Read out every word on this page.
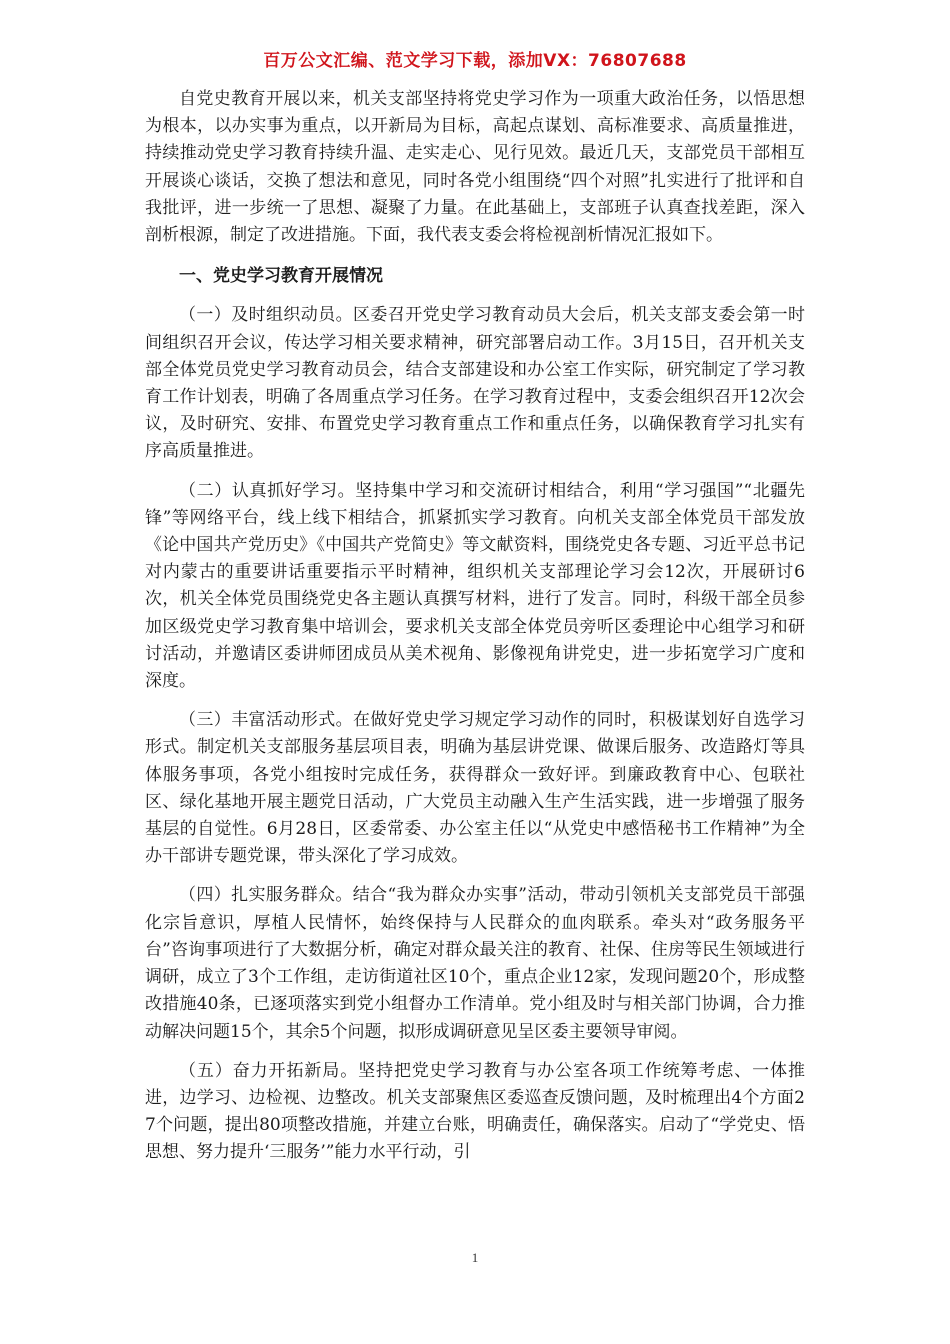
百万公文汇编、范文学习下载，添加VX：76807688

自党史教育开展以来，机关支部坚持将党史学习作为一项重大政治任务，以悟思想为根本，以办实事为重点，以开新局为目标，高起点谋划、高标准要求、高质量推进，持续推动党史学习教育持续升温、走实走心、见行见效。最近几天，支部党员干部相互开展谈心谈话，交换了想法和意见，同时各党小组围绕“四个对照”扎实进行了批评和自我批评，进一步统一了思想、凝聚了力量。在此基础上，支部班子认真查找差距，深入剖析根源，制定了改进措施。下面，我代表支委会将检视剖析情况汇报如下。

一、党史学习教育开展情况

（一）及时组织动员。区委召开党史学习教育动员大会后，机关支部支委会第一时间组织召开会议，传达学习相关要求精神，研究部署启动工作。3月15日，召开机关支部全体党员党史学习教育动员会，结合支部建设和办公室工作实际，研究制定了学习教育工作计划表，明确了各周重点学习任务。在学习教育过程中，支委会组织召开12次会议，及时研究、安排、布置党史学习教育重点工作和重点任务，以确保教育学习扎实有序高质量推进。

（二）认真抓好学习。坚持集中学习和交流研讨相结合，利用“学习强国”“北疆先锋”等网络平台，线上线下相结合，抓紧抓实学习教育。向机关支部全体党员干部发放《论中国共产党历史》《中国共产党简史》等文献资料，围绕党史各专题、习近平总书记对内蒙古的重要讲话重要指示平时精神，组织机关支部理论学习会12次，开展研讨6次，机关全体党员围绕党史各主题认真撰写材料，进行了发言。同时，科级干部全员参加区级党史学习教育集中培训会，要求机关支部全体党员旁听区委理论中心组学习和研讨活动，并邀请区委讲师团成员从美术视角、影像视角讲党史，进一步拓宽学习广度和深度。

（三）丰富活动形式。在做好党史学习规定学习动作的同时，积极谋划好自选学习形式。制定机关支部服务基层项目表，明确为基层讲党课、做课后服务、改造路灯等具体服务事项，各党小组按时完成任务，获得群众一致好评。到廉政教育中心、包联社区、绿化基地开展主题党日活动，广大党员主动融入生产生活实践，进一步增强了服务基层的自觉性。6月28日，区委常委、办公室主任以“从党史中感悟秘书工作精神”为全办干部讲专题党课，带头深化了学习成效。

（四）扎实服务群众。结合“我为群众办实事”活动，带动引领机关支部党员干部强化宗旨意识，厚植人民情怀，始终保持与人民群众的血肉联系。牵头对“政务服务平台”咨询事项进行了大数据分析，确定对群众最关注的教育、社保、住房等民生领域进行调研，成立了3个工作组，走访街道社区10个，重点企业12家，发现问题20个，形成整改措施40条，已逐项落实到党小组督办工作清单。党小组及时与相关部门协调，合力推动解决问题15个，其余5个问题，拟形成调研意见呈区委主要领导审阅。

（五）奋力开拓新局。坚持把党史学习教育与办公室各项工作统筹考虑、一体推进，边学习、边检视、边整改。机关支部聚焦区委巡查反馈问题，及时梳理出4个方面27个问题，提出80项整改措施，并建立台账，明确责任，确保落实。启动了“学党史、悟思想、努力提升‘三服务’”能力水平行动，引

1
